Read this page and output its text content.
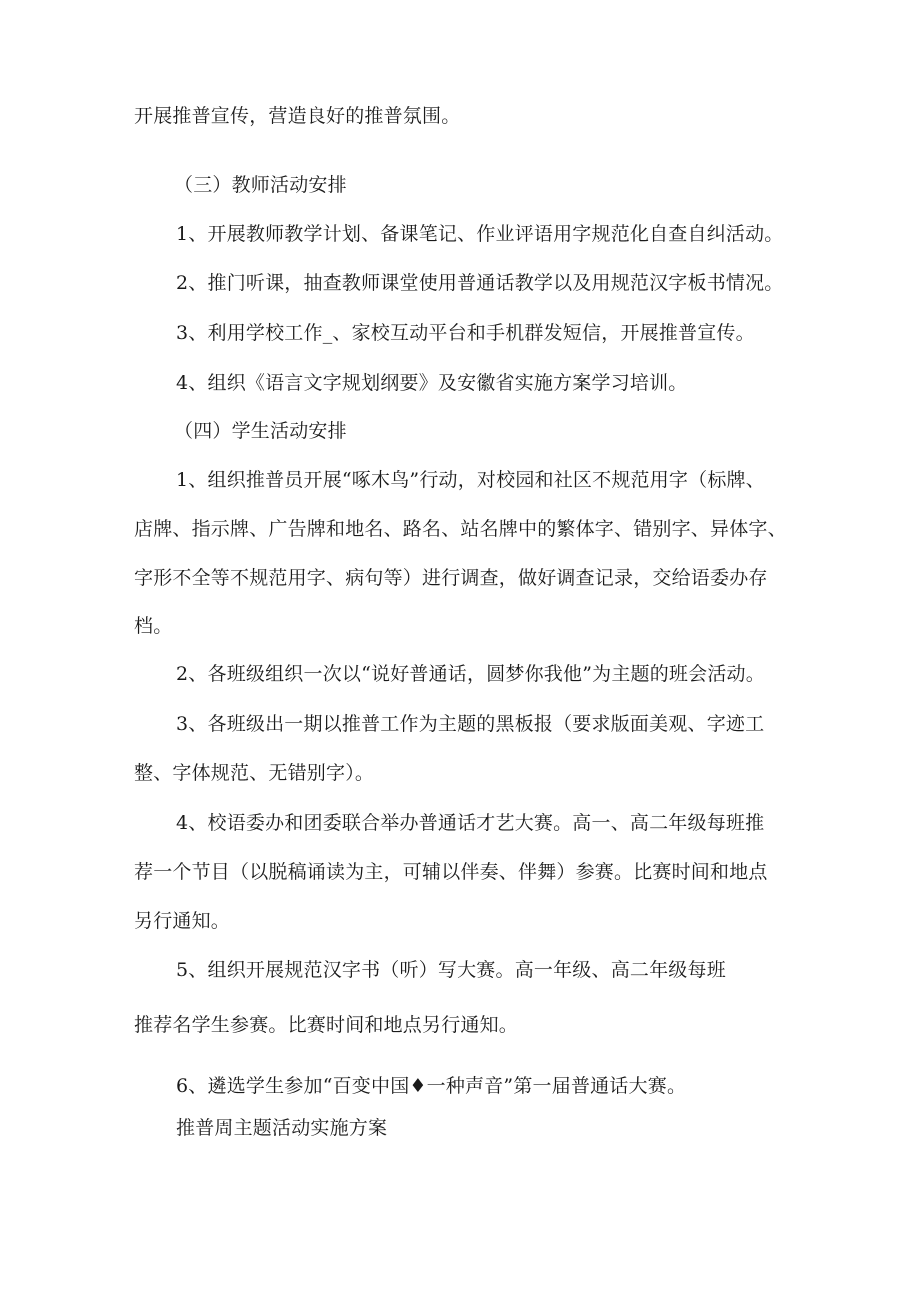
开展推普宣传，营造良好的推普氛围。
（三）教师活动安排
1、开展教师教学计划、备课笔记、作业评语用字规范化自查自纠活动。
2、推门听课，抽查教师课堂使用普通话教学以及用规范汉字板书情况。
3、利用学校工作_、家校互动平台和手机群发短信，开展推普宣传。
4、组织《语言文字规划纲要》及安徽省实施方案学习培训。
（四）学生活动安排
1、组织推普员开展“啄木鸟”行动，对校园和社区不规范用字（标牌、
店牌、指示牌、广告牌和地名、路名、站名牌中的繁体字、错别字、异体字、
字形不全等不规范用字、病句等）进行调查，做好调查记录，交给语委办存
档。
2、各班级组织一次以“说好普通话，圆梦你我他”为主题的班会活动。
3、各班级出一期以推普工作为主题的黑板报（要求版面美观、字迹工
整、字体规范、无错别字）。
4、校语委办和团委联合举办普通话才艺大赛。高一、高二年级每班推
荐一个节目（以脱稿诵读为主，可辅以伴奏、伴舞）参赛。比赛时间和地点
另行通知。
5、组织开展规范汉字书（听）写大赛。高一年级、高二年级每班
推荐名学生参赛。比赛时间和地点另行通知。
6、遴选学生参加“百变中国♦一种声音”第一届普通话大赛。
推普周主题活动实施方案
